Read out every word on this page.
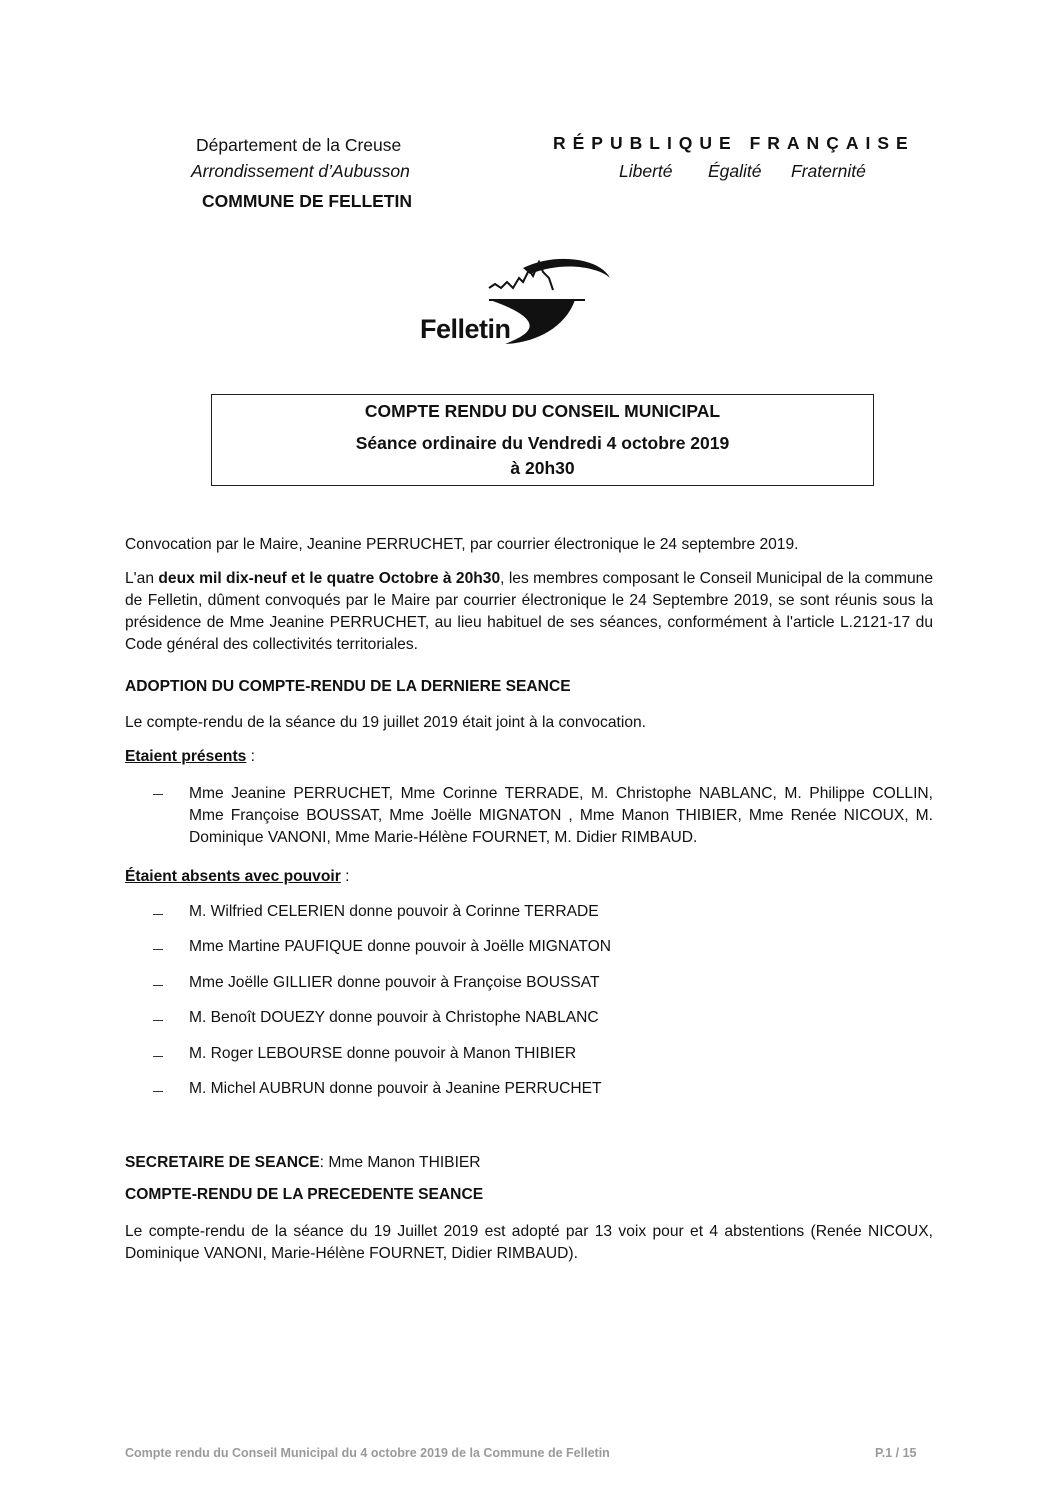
Département de la Creuse
Arrondissement d’Aubusson
COMMUNE DE FELLETIN
RÉPUBLIQUE FRANÇAISE
Liberté Égalité Fraternité
Felletin
COMPTE RENDU DU CONSEIL MUNICIPAL
Séance ordinaire du Vendredi 4 octobre 2019
à 20h30
Convocation par le Maire, Jeanine PERRUCHET, par courrier électronique le 24 septembre 2019.
L'an deux mil dix-neuf et le quatre Octobre à 20h30, les membres composant le Conseil Municipal de la commune de Felletin, dûment convoqués par le Maire par courrier électronique le 24 Septembre 2019, se sont réunis sous la présidence de Mme Jeanine PERRUCHET, au lieu habituel de ses séances, conformément à l'article L.2121-17 du Code général des collectivités territoriales.
ADOPTION DU COMPTE-RENDU DE LA DERNIERE SEANCE
Le compte-rendu de la séance du 19 juillet 2019 était joint à la convocation.
Etaient présents :
Mme Jeanine PERRUCHET, Mme Corinne TERRADE, M. Christophe NABLANC, M. Philippe COLLIN, Mme Françoise BOUSSAT, Mme Joëlle MIGNATON , Mme Manon THIBIER, Mme Renée NICOUX, M. Dominique VANONI, Mme Marie-Hélène FOURNET, M. Didier RIMBAUD.
Étaient absents avec pouvoir :
M. Wilfried CELERIEN donne pouvoir à Corinne TERRADE
Mme Martine PAUFIQUE donne pouvoir à Joëlle MIGNATON
Mme Joëlle GILLIER donne pouvoir à Françoise BOUSSAT
M. Benoît DOUEZY donne pouvoir à Christophe NABLANC
M. Roger LEBOURSE donne pouvoir à Manon THIBIER
M. Michel AUBRUN donne pouvoir à Jeanine PERRUCHET
SECRETAIRE DE SEANCE: Mme Manon THIBIER
COMPTE-RENDU DE LA PRECEDENTE SEANCE
Le compte-rendu de la séance du 19 Juillet 2019 est adopté par 13 voix pour et 4 abstentions (Renée NICOUX, Dominique VANONI, Marie-Hélène FOURNET, Didier RIMBAUD).
Compte rendu du Conseil Municipal du 4 octobre 2019 de la Commune de Felletin	P.1 / 15
